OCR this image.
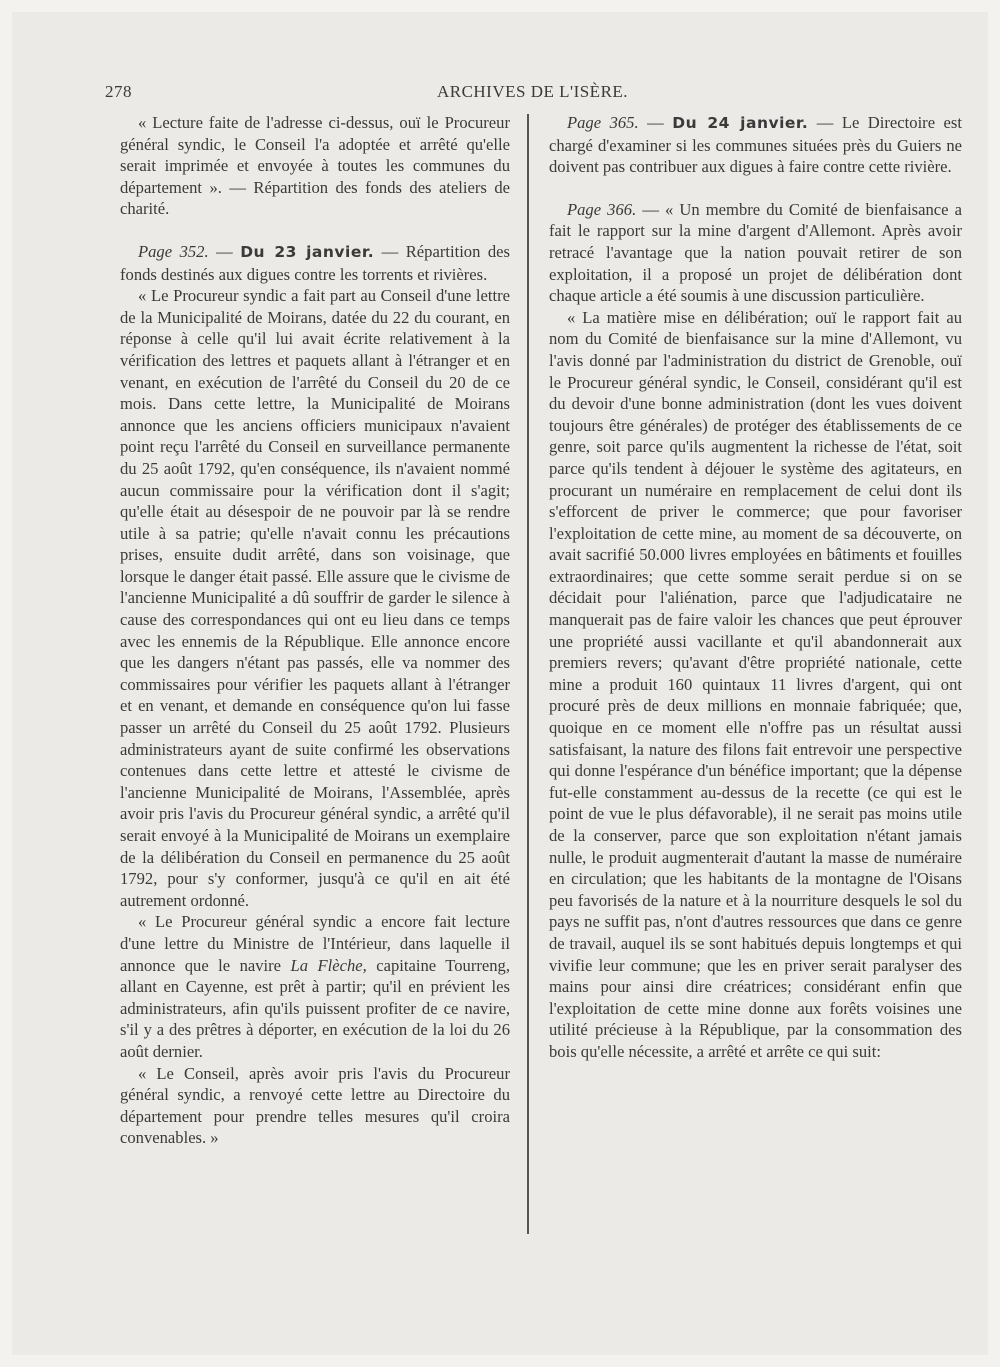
278	ARCHIVES DE L'ISÈRE.

« Lecture faite de l'adresse ci-dessus, ouï le Procureur général syndic, le Conseil l'a adoptée et arrêté qu'elle serait imprimée et envoyée à toutes les communes du département ». — Répartition des fonds des ateliers de charité.

Page 352. — Du 23 janvier. — Répartition des fonds destinés aux digues contre les torrents et rivières.

« Le Procureur syndic a fait part au Conseil d'une lettre de la Municipalité de Moirans, datée du 22 du courant, en réponse à celle qu'il lui avait écrite relativement à la vérification des lettres et paquets allant à l'étranger et en venant, en exécution de l'arrêté du Conseil du 20 de ce mois. Dans cette lettre, la Municipalité de Moirans annonce que les anciens officiers municipaux n'avaient point reçu l'arrêté du Conseil en surveillance permanente du 25 août 1792, qu'en conséquence, ils n'avaient nommé aucun commissaire pour la vérification dont il s'agit; qu'elle était au désespoir de ne pouvoir par là se rendre utile à sa patrie; qu'elle n'avait connu les précautions prises, ensuite dudit arrêté, dans son voisinage, que lorsque le danger était passé. Elle assure que le civisme de l'ancienne Municipalité a dû souffrir de garder le silence à cause des correspondances qui ont eu lieu dans ce temps avec les ennemis de la République. Elle annonce encore que les dangers n'étant pas passés, elle va nommer des commissaires pour vérifier les paquets allant à l'étranger et en venant, et demande en conséquence qu'on lui fasse passer un arrêté du Conseil du 25 août 1792. Plusieurs administrateurs ayant de suite confirmé les observations contenues dans cette lettre et attesté le civisme de l'ancienne Municipalité de Moirans, l'Assemblée, après avoir pris l'avis du Procureur général syndic, a arrêté qu'il serait envoyé à la Municipalité de Moirans un exemplaire de la délibération du Conseil en permanence du 25 août 1792, pour s'y conformer, jusqu'à ce qu'il en ait été autrement ordonné.

« Le Procureur général syndic a encore fait lecture d'une lettre du Ministre de l'Intérieur, dans laquelle il annonce que le navire La Flèche, capitaine Tourreng, allant en Cayenne, est prêt à partir; qu'il en prévient les administrateurs, afin qu'ils puissent profiter de ce navire, s'il y a des prêtres à déporter, en exécution de la loi du 26 août dernier.

« Le Conseil, après avoir pris l'avis du Procureur général syndic, a renvoyé cette lettre au Directoire du département pour prendre telles mesures qu'il croira convenables. »

Page 365. — Du 24 janvier. — Le Directoire est chargé d'examiner si les communes situées près du Guiers ne doivent pas contribuer aux digues à faire contre cette rivière.

Page 366. — « Un membre du Comité de bienfaisance a fait le rapport sur la mine d'argent d'Allemont. Après avoir retracé l'avantage que la nation pouvait retirer de son exploitation, il a proposé un projet de délibération dont chaque article a été soumis à une discussion particulière.

« La matière mise en délibération; ouï le rapport fait au nom du Comité de bienfaisance sur la mine d'Allemont, vu l'avis donné par l'administration du district de Grenoble, ouï le Procureur général syndic, le Conseil, considérant qu'il est du devoir d'une bonne administration (dont les vues doivent toujours être générales) de protéger des établissements de ce genre, soit parce qu'ils augmentent la richesse de l'état, soit parce qu'ils tendent à déjouer le système des agitateurs, en procurant un numéraire en remplacement de celui dont ils s'efforcent de priver le commerce; que pour favoriser l'exploitation de cette mine, au moment de sa découverte, on avait sacrifié 50.000 livres employées en bâtiments et fouilles extraordinaires; que cette somme serait perdue si on se décidait pour l'aliénation, parce que l'adjudicataire ne manquerait pas de faire valoir les chances que peut éprouver une propriété aussi vacillante et qu'il abandonnerait aux premiers revers; qu'avant d'être propriété nationale, cette mine a produit 160 quintaux 11 livres d'argent, qui ont procuré près de deux millions en monnaie fabriquée; que, quoique en ce moment elle n'offre pas un résultat aussi satisfaisant, la nature des filons fait entrevoir une perspective qui donne l'espérance d'un bénéfice important; que la dépense fut-elle constamment au-dessus de la recette (ce qui est le point de vue le plus défavorable), il ne serait pas moins utile de la conserver, parce que son exploitation n'étant jamais nulle, le produit augmenterait d'autant la masse de numéraire en circulation; que les habitants de la montagne de l'Oisans peu favorisés de la nature et à la nourriture desquels le sol du pays ne suffit pas, n'ont d'autres ressources que dans ce genre de travail, auquel ils se sont habitués depuis longtemps et qui vivifie leur commune; que les en priver serait paralyser des mains pour ainsi dire créatrices; considérant enfin que l'exploitation de cette mine donne aux forêts voisines une utilité précieuse à la République, par la consommation des bois qu'elle nécessite, a arrêté et arrête ce qui suit:
